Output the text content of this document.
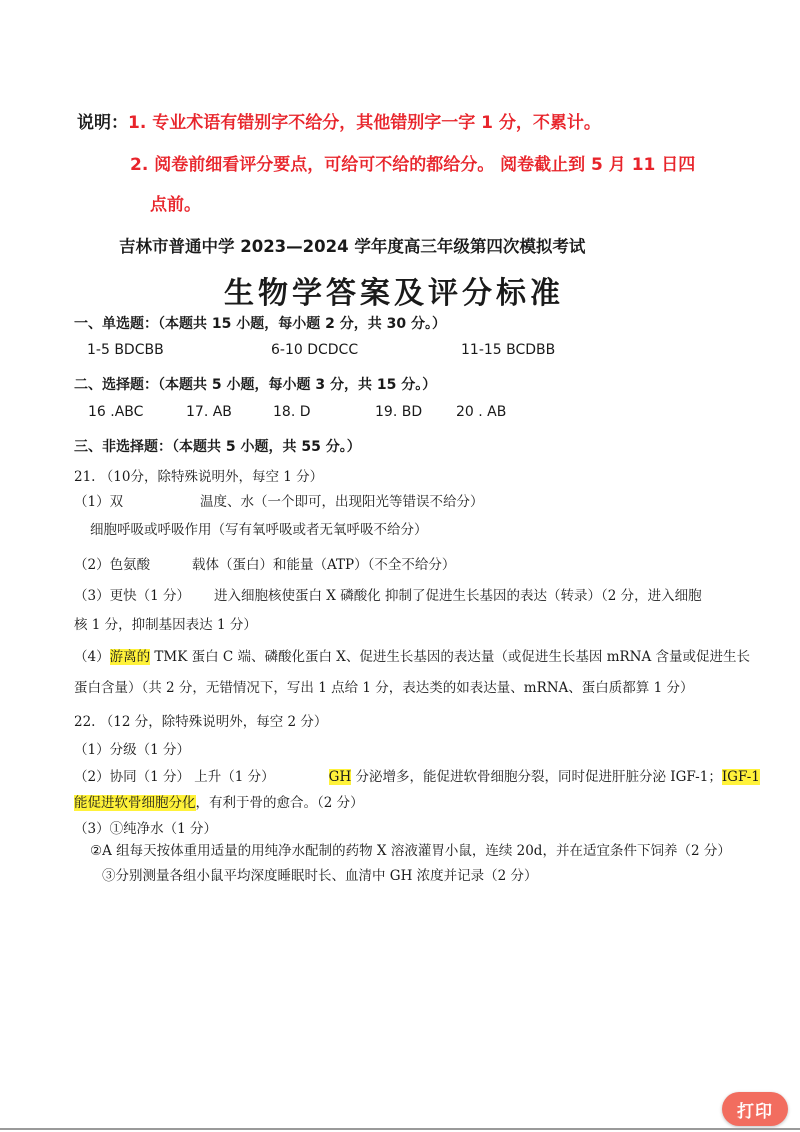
说明：1. 专业术语有错别字不给分，其他错别字一字 1 分，不累计。
2. 阅卷前细看评分要点，可给可不给的都给分。 阅卷截止到 5 月 11 日四
点前。
吉林市普通中学 2023—2024 学年度高三年级第四次模拟考试
生物学答案及评分标准
一、单选题：（本题共 15 小题，每小题 2 分，共 30 分。）
1-5 BDCBB	6-10 DCDCC	11-15 BCDBB
二、选择题：（本题共 5 小题，每小题 3 分，共 15 分。）
16 .ABC	17. AB	18. D	19. BD 20 . AB
三、非选择题：（本题共 5 小题，共 55 分。）
21. （10分，除特殊说明外，每空 1 分）
（1）双	温度、水（一个即可，出现阳光等错误不给分）
细胞呼吸或呼吸作用（写有氧呼吸或者无氧呼吸不给分）
（2）色氨酸	载体（蛋白）和能量（ATP）（不全不给分）
（3）更快（1 分） 进入细胞核使蛋白 X 磷酸化 抑制了促进生长基因的表达（转录）（2 分，进入细胞
核 1 分，抑制基因表达 1 分）
（4）游离的 TMK 蛋白 C 端、磷酸化蛋白 X、促进生长基因的表达量（或促进生长基因 mRNA 含量或促进生长
蛋白含量）（共 2 分，无错情况下，写出 1 点给 1 分，表达类的如表达量、mRNA、蛋白质都算 1 分）
22. （12 分，除特殊说明外，每空 2 分）
（1）分级（1 分）
（2）协同（1 分） 上升（1 分）	GH 分泌增多，能促进软骨细胞分裂，同时促进肝脏分泌 IGF-1；IGF-1
能促进软骨细胞分化，有利于骨的愈合。（2 分）
（3）①纯净水（1 分）
②A 组每天按体重用适量的用纯净水配制的药物 X 溶液灌胃小鼠，连续 20d，并在适宜条件下饲养（2 分）
③分别测量各组小鼠平均深度睡眠时长、血清中 GH 浓度并记录（2 分）
打印
